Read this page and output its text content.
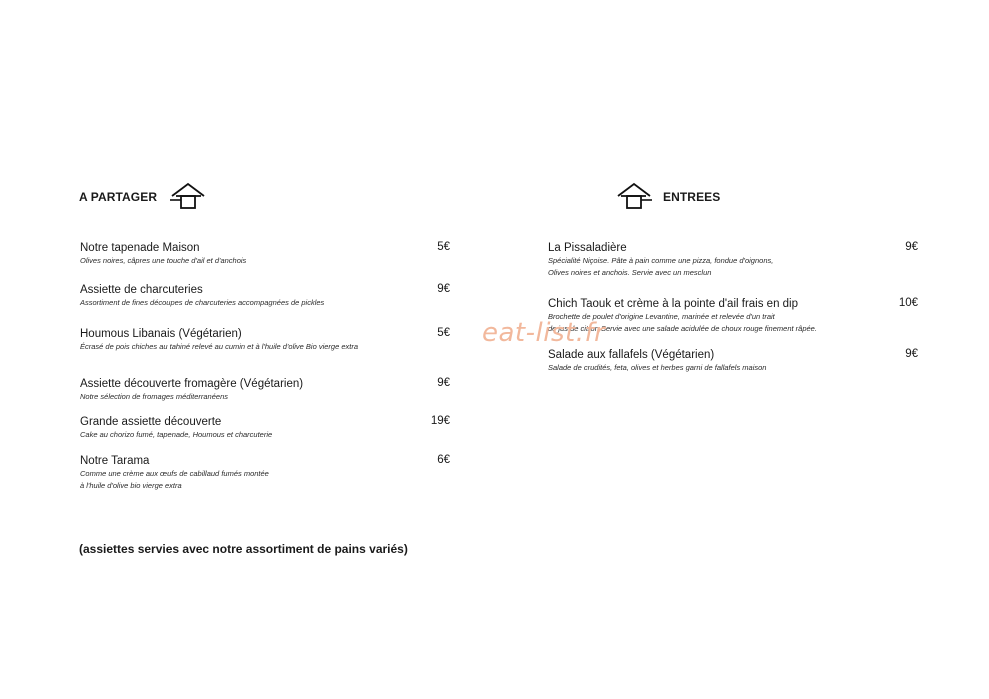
A PARTAGER	ENTREES
Notre tapenade Maison
Olives noires, câpres une touche d'ail et d'anchois
5€
Assiette de charcuteries
Assortiment de fines découpes de charcuteries accompagnées de pickles
9€
Houmous Libanais (Végétarien)
Écrasé de pois chiches au tahiné relevé au cumin et à l'huile d'olive Bio vierge extra
5€
Assiette découverte fromagère (Végétarien)
Notre sélection de fromages méditerranéens
9€
Grande assiette découverte
Cake au chorizo fumé, tapenade, Houmous et charcuterie
19€
Notre Tarama
Comme une crème aux œufs de cabillaud fumés montée
à l'huile d'olive bio vierge extra
6€
(assiettes servies avec notre assortiment de pains variés)
La Pissaladière
Spécialité Niçoise. Pâte à pain comme une pizza, fondue d'oignons,
Olives noires et anchois. Servie avec un mesclun
9€
Chich Taouk et crème à la pointe d'ail frais en dip
Brochette de poulet d'origine Levantine, marinée et relevée d'un trait
de jus de citron Servie avec une salade acidulée de choux rouge finement râpée.
10€
Salade aux fallafels (Végétarien)
Salade de crudités, feta, olives et herbes garni de fallafels maison
9€
eat-list.fr
